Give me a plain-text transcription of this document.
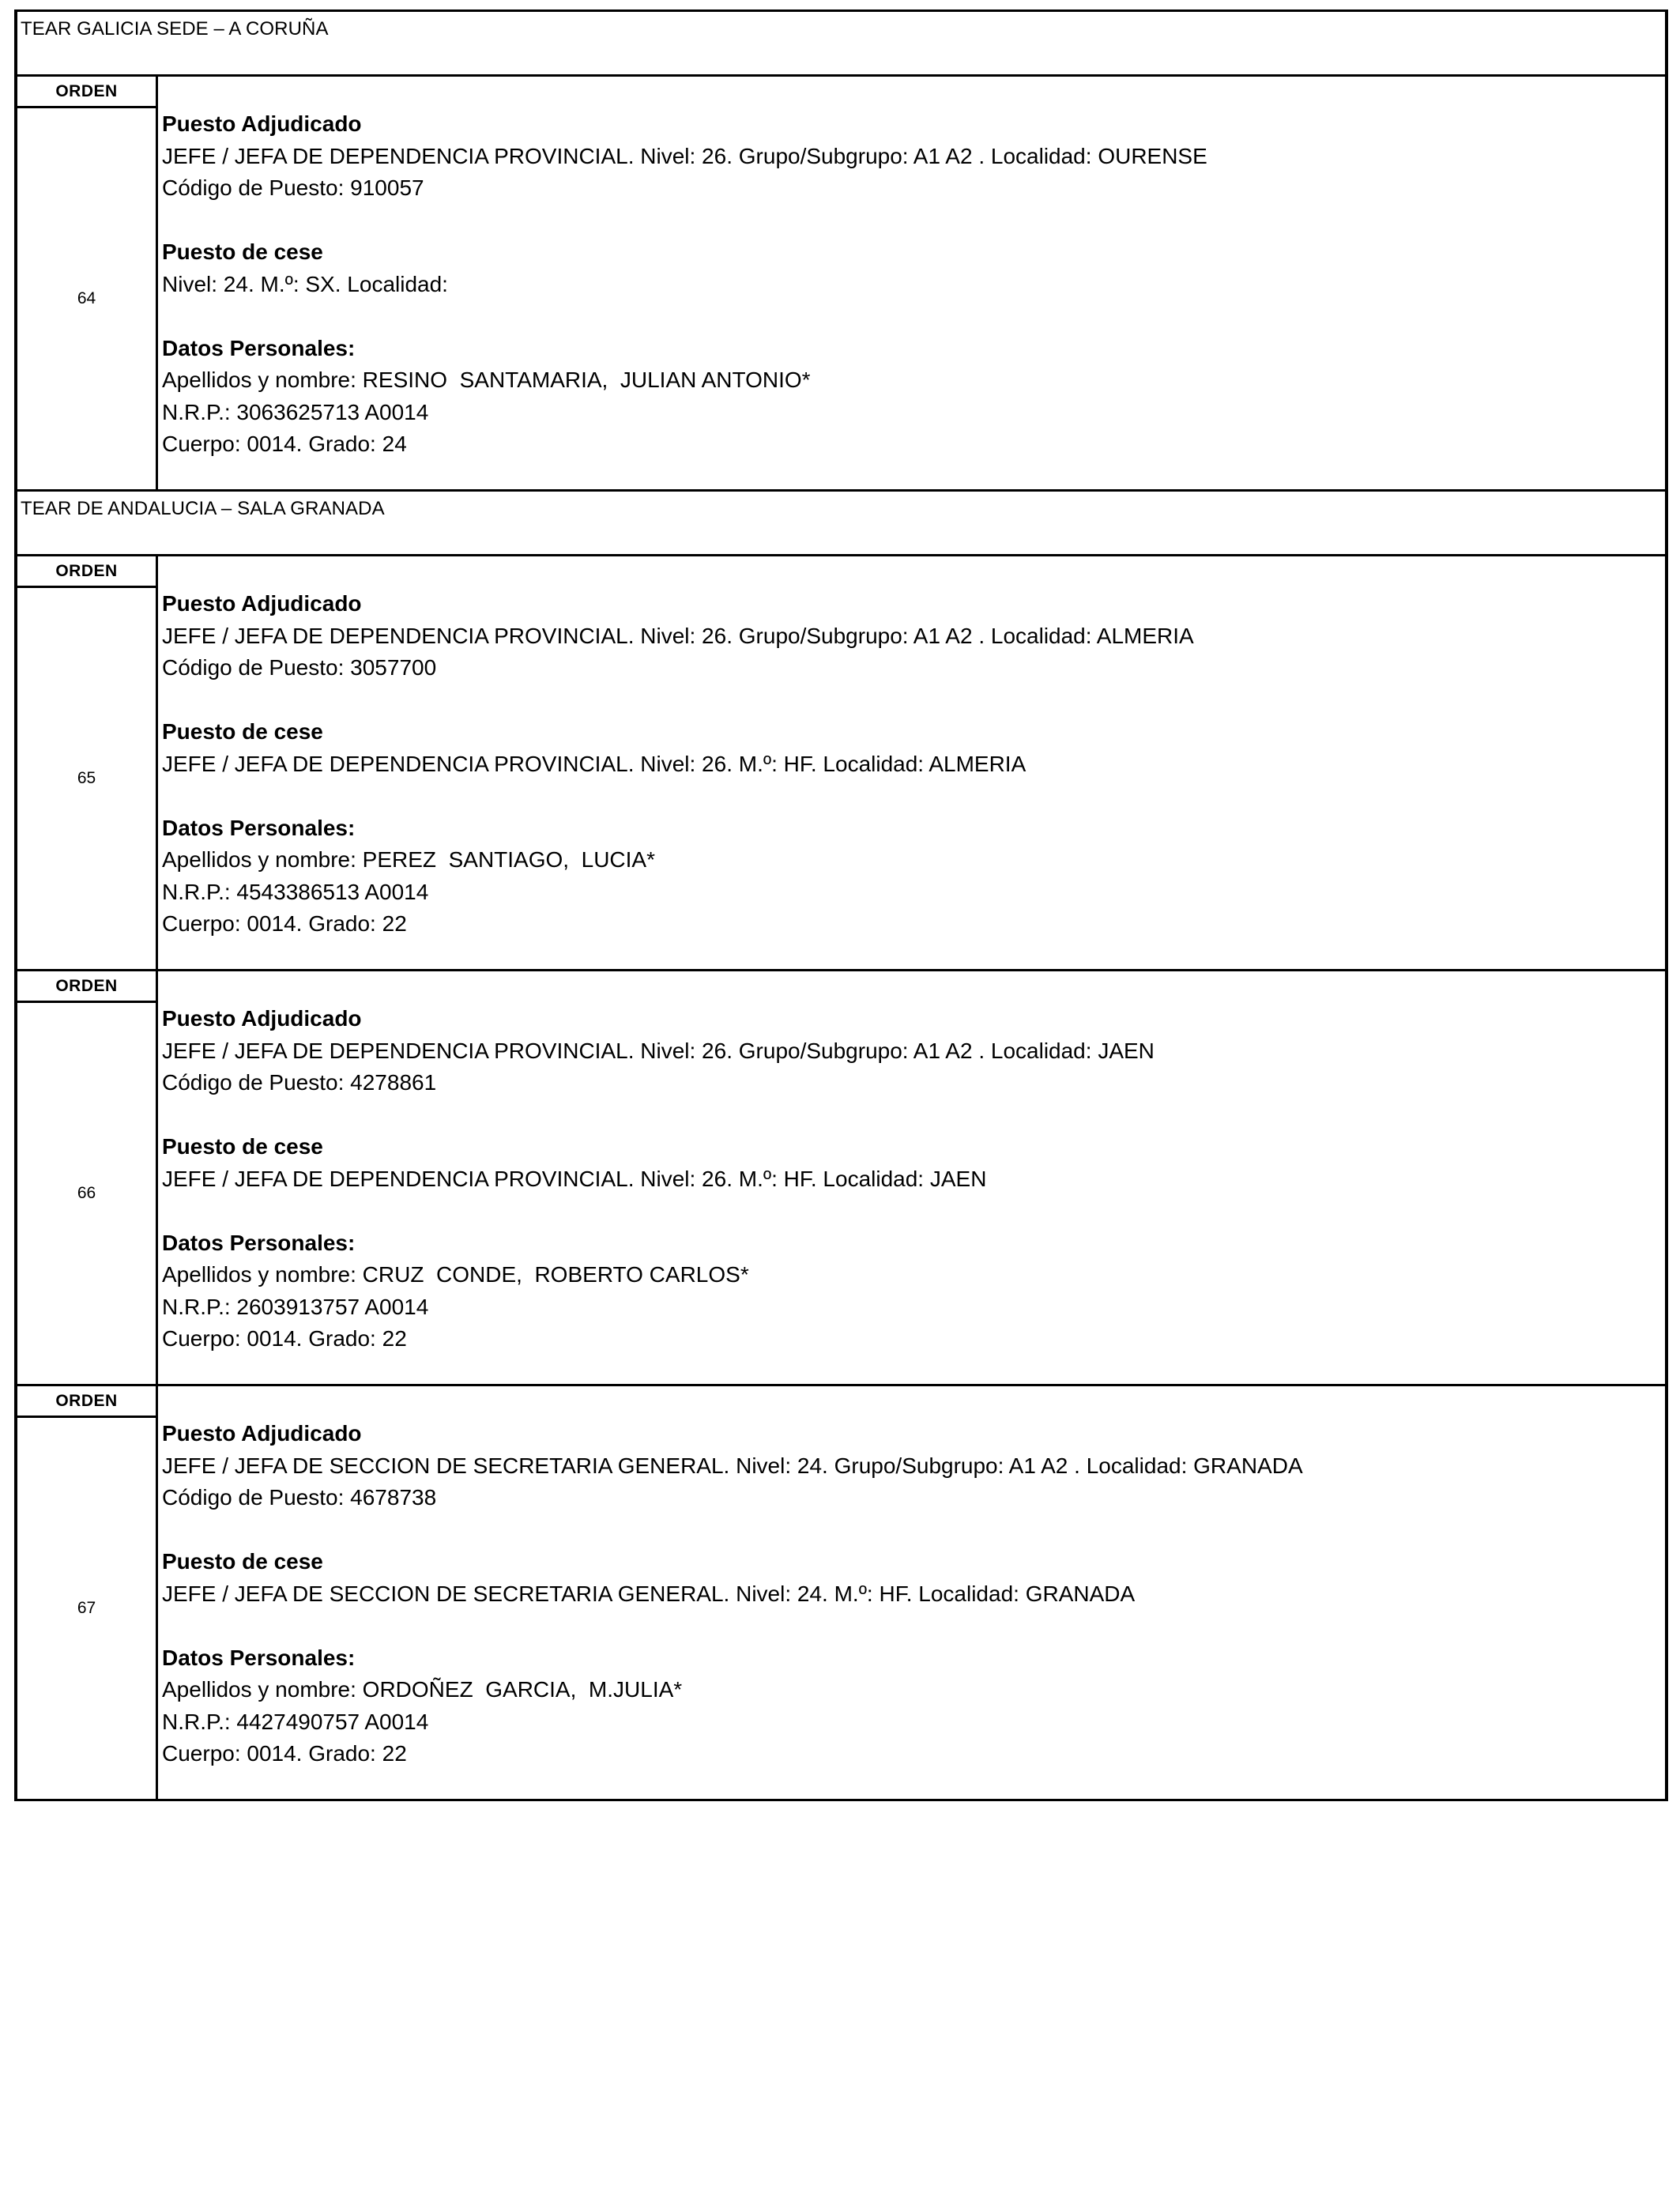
TEAR GALICIA SEDE – A CORUÑA
ORDEN
64
Puesto Adjudicado
JEFE / JEFA DE DEPENDENCIA PROVINCIAL. Nivel: 26. Grupo/Subgrupo: A1 A2 . Localidad: OURENSE
Código de Puesto: 910057
Puesto de cese
Nivel: 24. M.º: SX. Localidad:
Datos Personales:
Apellidos y nombre: RESINO  SANTAMARIA,  JULIAN ANTONIO*
N.R.P.: 3063625713 A0014
Cuerpo: 0014. Grado: 24
TEAR DE ANDALUCIA – SALA GRANADA
ORDEN
65
Puesto Adjudicado
JEFE / JEFA DE DEPENDENCIA PROVINCIAL. Nivel: 26. Grupo/Subgrupo: A1 A2 . Localidad: ALMERIA
Código de Puesto: 3057700
Puesto de cese
JEFE / JEFA DE DEPENDENCIA PROVINCIAL. Nivel: 26. M.º: HF. Localidad: ALMERIA
Datos Personales:
Apellidos y nombre: PEREZ  SANTIAGO,  LUCIA*
N.R.P.: 4543386513 A0014
Cuerpo: 0014. Grado: 22
ORDEN
66
Puesto Adjudicado
JEFE / JEFA DE DEPENDENCIA PROVINCIAL. Nivel: 26. Grupo/Subgrupo: A1 A2 . Localidad: JAEN
Código de Puesto: 4278861
Puesto de cese
JEFE / JEFA DE DEPENDENCIA PROVINCIAL. Nivel: 26. M.º: HF. Localidad: JAEN
Datos Personales:
Apellidos y nombre: CRUZ  CONDE,  ROBERTO CARLOS*
N.R.P.: 2603913757 A0014
Cuerpo: 0014. Grado: 22
ORDEN
67
Puesto Adjudicado
JEFE / JEFA DE SECCION DE SECRETARIA GENERAL. Nivel: 24. Grupo/Subgrupo: A1 A2 . Localidad: GRANADA
Código de Puesto: 4678738
Puesto de cese
JEFE / JEFA DE SECCION DE SECRETARIA GENERAL. Nivel: 24. M.º: HF. Localidad: GRANADA
Datos Personales:
Apellidos y nombre: ORDOÑEZ  GARCIA,  M.JULIA*
N.R.P.: 4427490757 A0014
Cuerpo: 0014. Grado: 22
